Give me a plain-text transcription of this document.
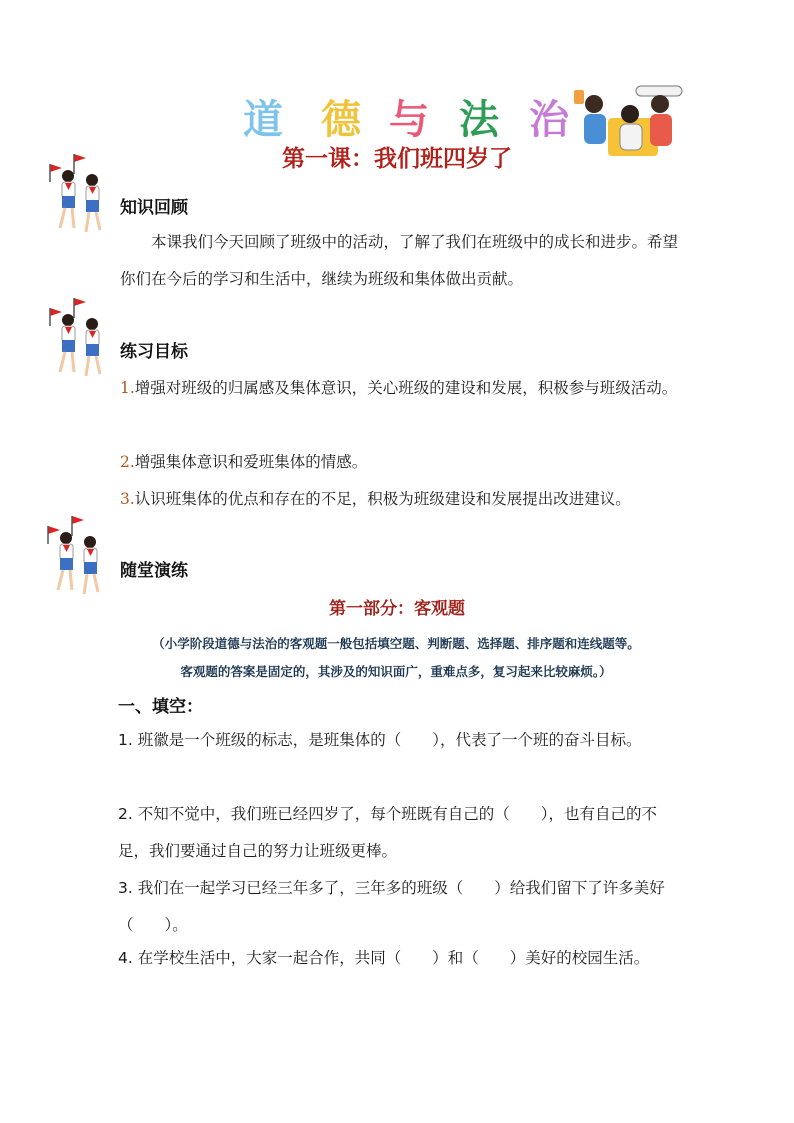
道 德 与 法 治
第一课：我们班四岁了
知识回顾
本课我们今天回顾了班级中的活动，了解了我们在班级中的成长和进步。希望你们在今后的学习和生活中，继续为班级和集体做出贡献。
练习目标
1.增强对班级的归属感及集体意识，关心班级的建设和发展，积极参与班级活动。
2.增强集体意识和爱班集体的情感。
3.认识班集体的优点和存在的不足，积极为班级建设和发展提出改进建议。
随堂演练
第一部分：客观题
（小学阶段道德与法治的客观题一般包括填空题、判断题、选择题、排序题和连线题等。
客观题的答案是固定的，其涉及的知识面广，重难点多，复习起来比较麻烦。）
一、填空：
1. 班徽是一个班级的标志，是班集体的（　　），代表了一个班的奋斗目标。
2. 不知不觉中，我们班已经四岁了，每个班既有自己的（　　），也有自己的不足，我们要通过自己的努力让班级更棒。
3. 我们在一起学习已经三年多了，三年多的班级（　　）给我们留下了许多美好（　　）。
4. 在学校生活中，大家一起合作，共同（　　）和（　　）美好的校园生活。
